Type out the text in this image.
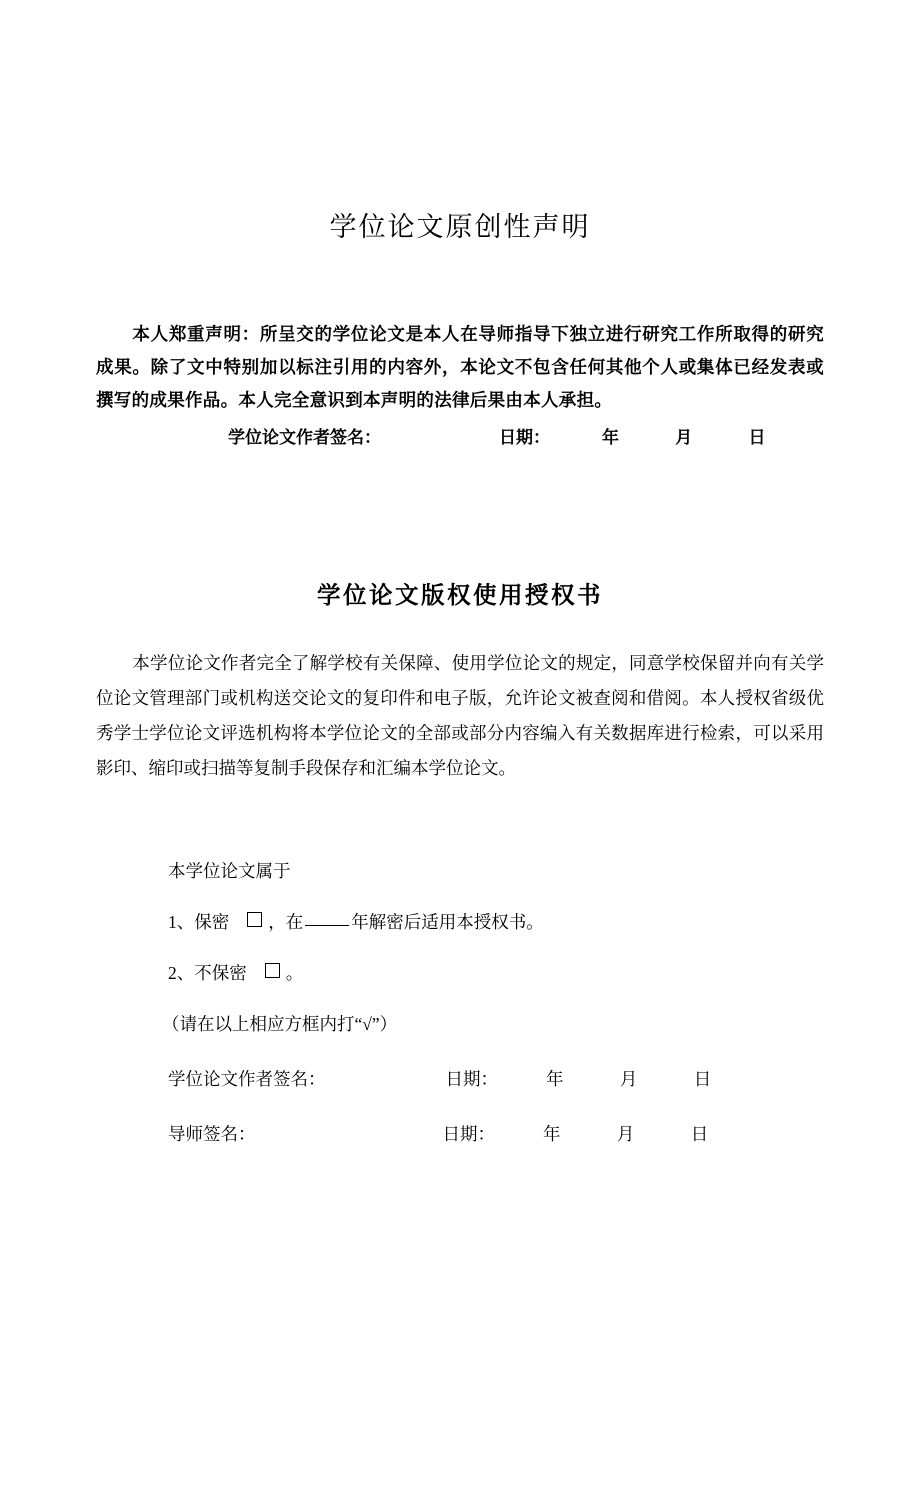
学位论文原创性声明
本人郑重声明：所呈交的学位论文是本人在导师指导下独立进行研究工作所取得的研究成果。除了文中特别加以标注引用的内容外，本论文不包含任何其他个人或集体已经发表或撰写的成果作品。本人完全意识到本声明的法律后果由本人承担。
学位论文作者签名：	日期：	年 月 日
学位论文版权使用授权书
本学位论文作者完全了解学校有关保障、使用学位论文的规定，同意学校保留并向有关学位论文管理部门或机构送交论文的复印件和电子版，允许论文被查阅和借阅。本人授权省级优秀学士学位论文评选机构将本学位论文的全部或部分内容编入有关数据库进行检索，可以采用影印、缩印或扫描等复制手段保存和汇编本学位论文。
本学位论文属于
1、保密 ，在	年解密后适用本授权书。
2、不保密 。
（请在以上相应方框内打“√”）
学位论文作者签名：	日期：	年 月 日
导师签名：	日期：	年 月 日
